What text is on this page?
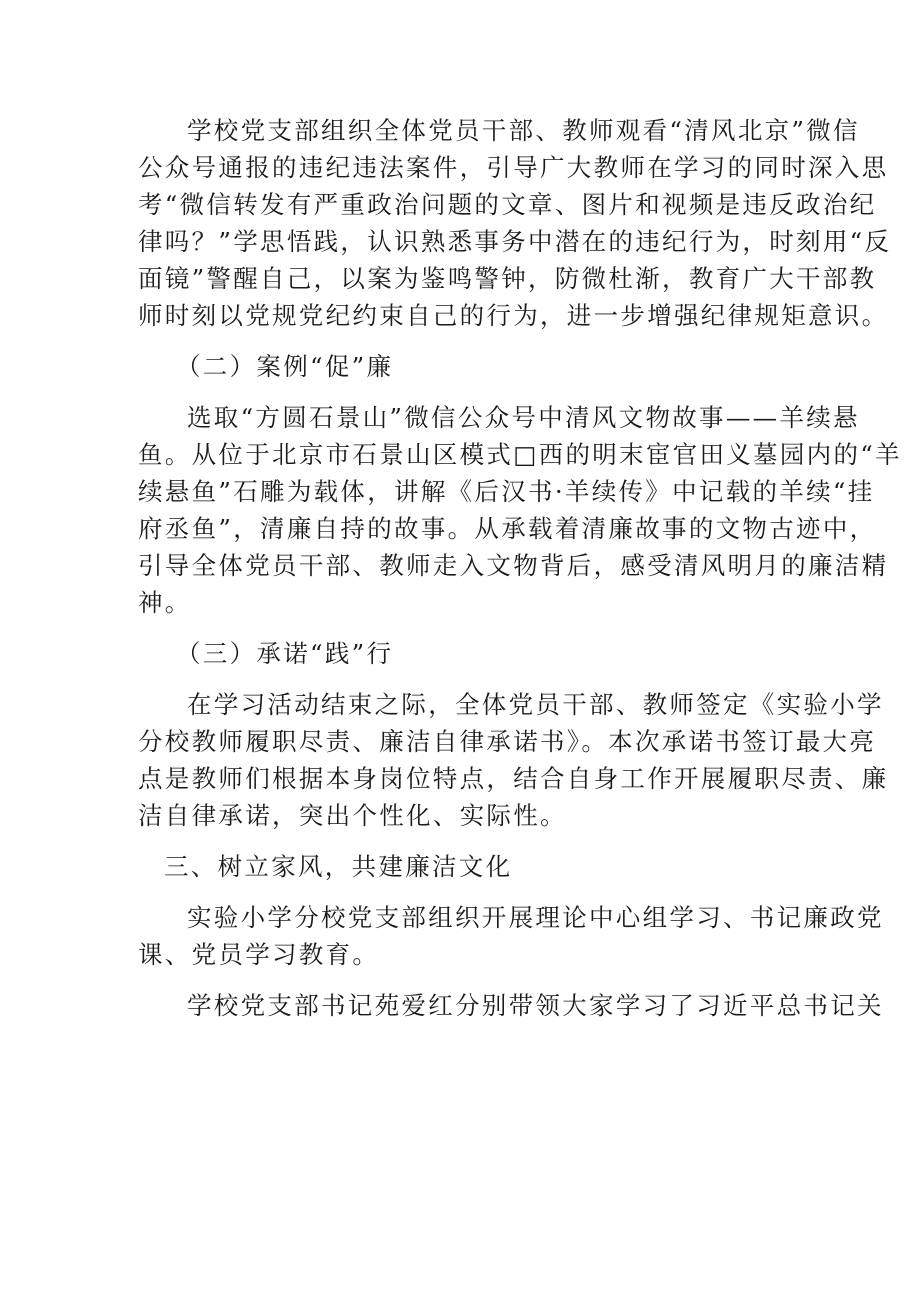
学校党支部组织全体党员干部、教师观看“清风北京”微信
公众号通报的违纪违法案件，引导广大教师在学习的同时深入思
考“微信转发有严重政治问题的文章、图片和视频是违反政治纪
律吗？”学思悟践，认识熟悉事务中潜在的违纪行为，时刻用“反
面镜”警醒自己，以案为鉴鸣警钟，防微杜渐，教育广大干部教
师时刻以党规党纪约束自己的行为，进一步增强纪律规矩意识。
（二）案例“促”廉
选取“方圆石景山”微信公众号中清风文物故事——羊续悬
鱼。从位于北京市石景山区模式□西的明末宦官田义墓园内的“羊
续悬鱼”石雕为载体，讲解《后汉书·羊续传》中记载的羊续“挂
府丞鱼”，清廉自持的故事。从承载着清廉故事的文物古迹中，
引导全体党员干部、教师走入文物背后，感受清风明月的廉洁精
神。
（三）承诺“践”行
在学习活动结束之际，全体党员干部、教师签定《实验小学
分校教师履职尽责、廉洁自律承诺书》。本次承诺书签订最大亮
点是教师们根据本身岗位特点，结合自身工作开展履职尽责、廉
洁自律承诺，突出个性化、实际性。
三、树立家风，共建廉洁文化
实验小学分校党支部组织开展理论中心组学习、书记廉政党
课、党员学习教育。
学校党支部书记苑爱红分别带领大家学习了习近平总书记关
